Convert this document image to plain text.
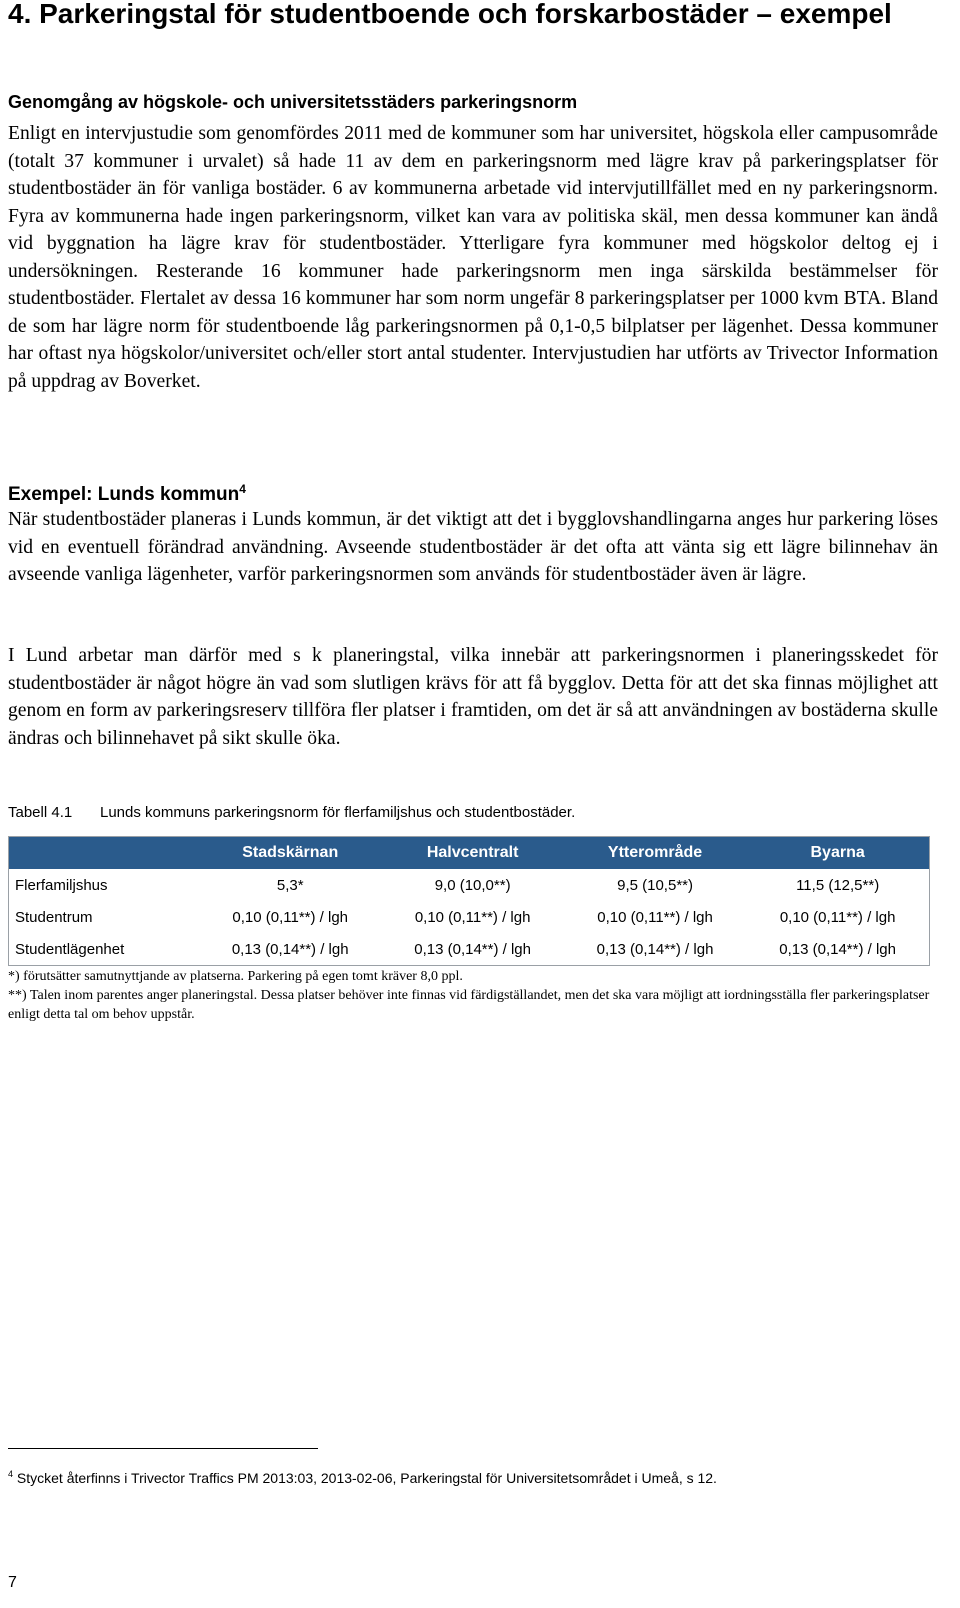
4. Parkeringstal för studentboende och forskarbostäder – exempel
Genomgång av högskole- och universitetsstäders parkeringsnorm

Enligt en intervjustudie som genomfördes 2011 med de kommuner som har universitet, högskola eller campusområde (totalt 37 kommuner i urvalet) så hade 11 av dem en parkeringsnorm med lägre krav på parkeringsplatser för studentbostäder än för vanliga bostäder. 6 av kommunerna arbetade vid intervjutillfället med en ny parkeringsnorm. Fyra av kommunerna hade ingen parkeringsnorm, vilket kan vara av politiska skäl, men dessa kommuner kan ändå vid byggnation ha lägre krav för studentbostäder. Ytterligare fyra kommuner med högskolor deltog ej i undersökningen. Resterande 16 kommuner hade parkeringsnorm men inga särskilda bestämmelser för studentbostäder. Flertalet av dessa 16 kommuner har som norm ungefär 8 parkeringsplatser per 1000 kvm BTA. Bland de som har lägre norm för studentboende låg parkeringsnormen på 0,1-0,5 bilplatser per lägenhet. Dessa kommuner har oftast nya högskolor/universitet och/eller stort antal studenter. Intervjustudien har utförts av Trivector Information på uppdrag av Boverket.

Exempel: Lunds kommun$^4$

När studentbostäder planeras i Lunds kommun, är det viktigt att det i bygglovshandlingarna anges hur parkering löses vid en eventuell förändrad användning. Avseende studentbostäder är det ofta att vänta sig ett lägre bilinnehav än avseende vanliga lägenheter, varför parkeringsnormen som används för studentbostäder även är lägre.

I Lund arbetar man därför med s k planeringstal, vilka innebär att parkeringsnormen i planeringsskedet för studentbostäder är något högre än vad som slutligen krävs för att få bygglov. Detta för att det ska finnas möjlighet att genom en form av parkeringsreserv tillföra fler platser i framtiden, om det är så att användningen av bostäderna skulle ändras och bilinnehavet på sikt skulle öka.

Tabell 4.1 Lunds kommuns parkeringsnorm för flerfamiljshus och studentbostäder.

	Stadskärnan	Halvcentralt	Ytterområde	Byarna
Flerfamiljshus	5,3*	9,0 (10,0**)	9,5 (10,5**)	11,5 (12,5**)
Studentrum	0,10 (0,11**) / lgh	0,10 (0,11**) / lgh	0,10 (0,11**) / lgh	0,10 (0,11**) / lgh
Studentlägenhet	0,13 (0,14**) / lgh	0,13 (0,14**) / lgh	0,13 (0,14**) / lgh	0,13 (0,14**) / lgh

*) förutsätter samutnyttjande av platserna. Parkering på egen tomt kräver 8,0 ppl.

**) Talen inom parentes anger planeringstal. Dessa platser behöver inte finnas vid färdigställandet, men det ska vara möjligt att iordningsställa fler parkeringsplatser enligt detta tal om behov uppstår.

$^4$ Stycket återfinns i Trivector Traffics PM 2013:03, 2013-02-06, Parkeringstal för Universitetsområdet i Umeå, s 12.

7
